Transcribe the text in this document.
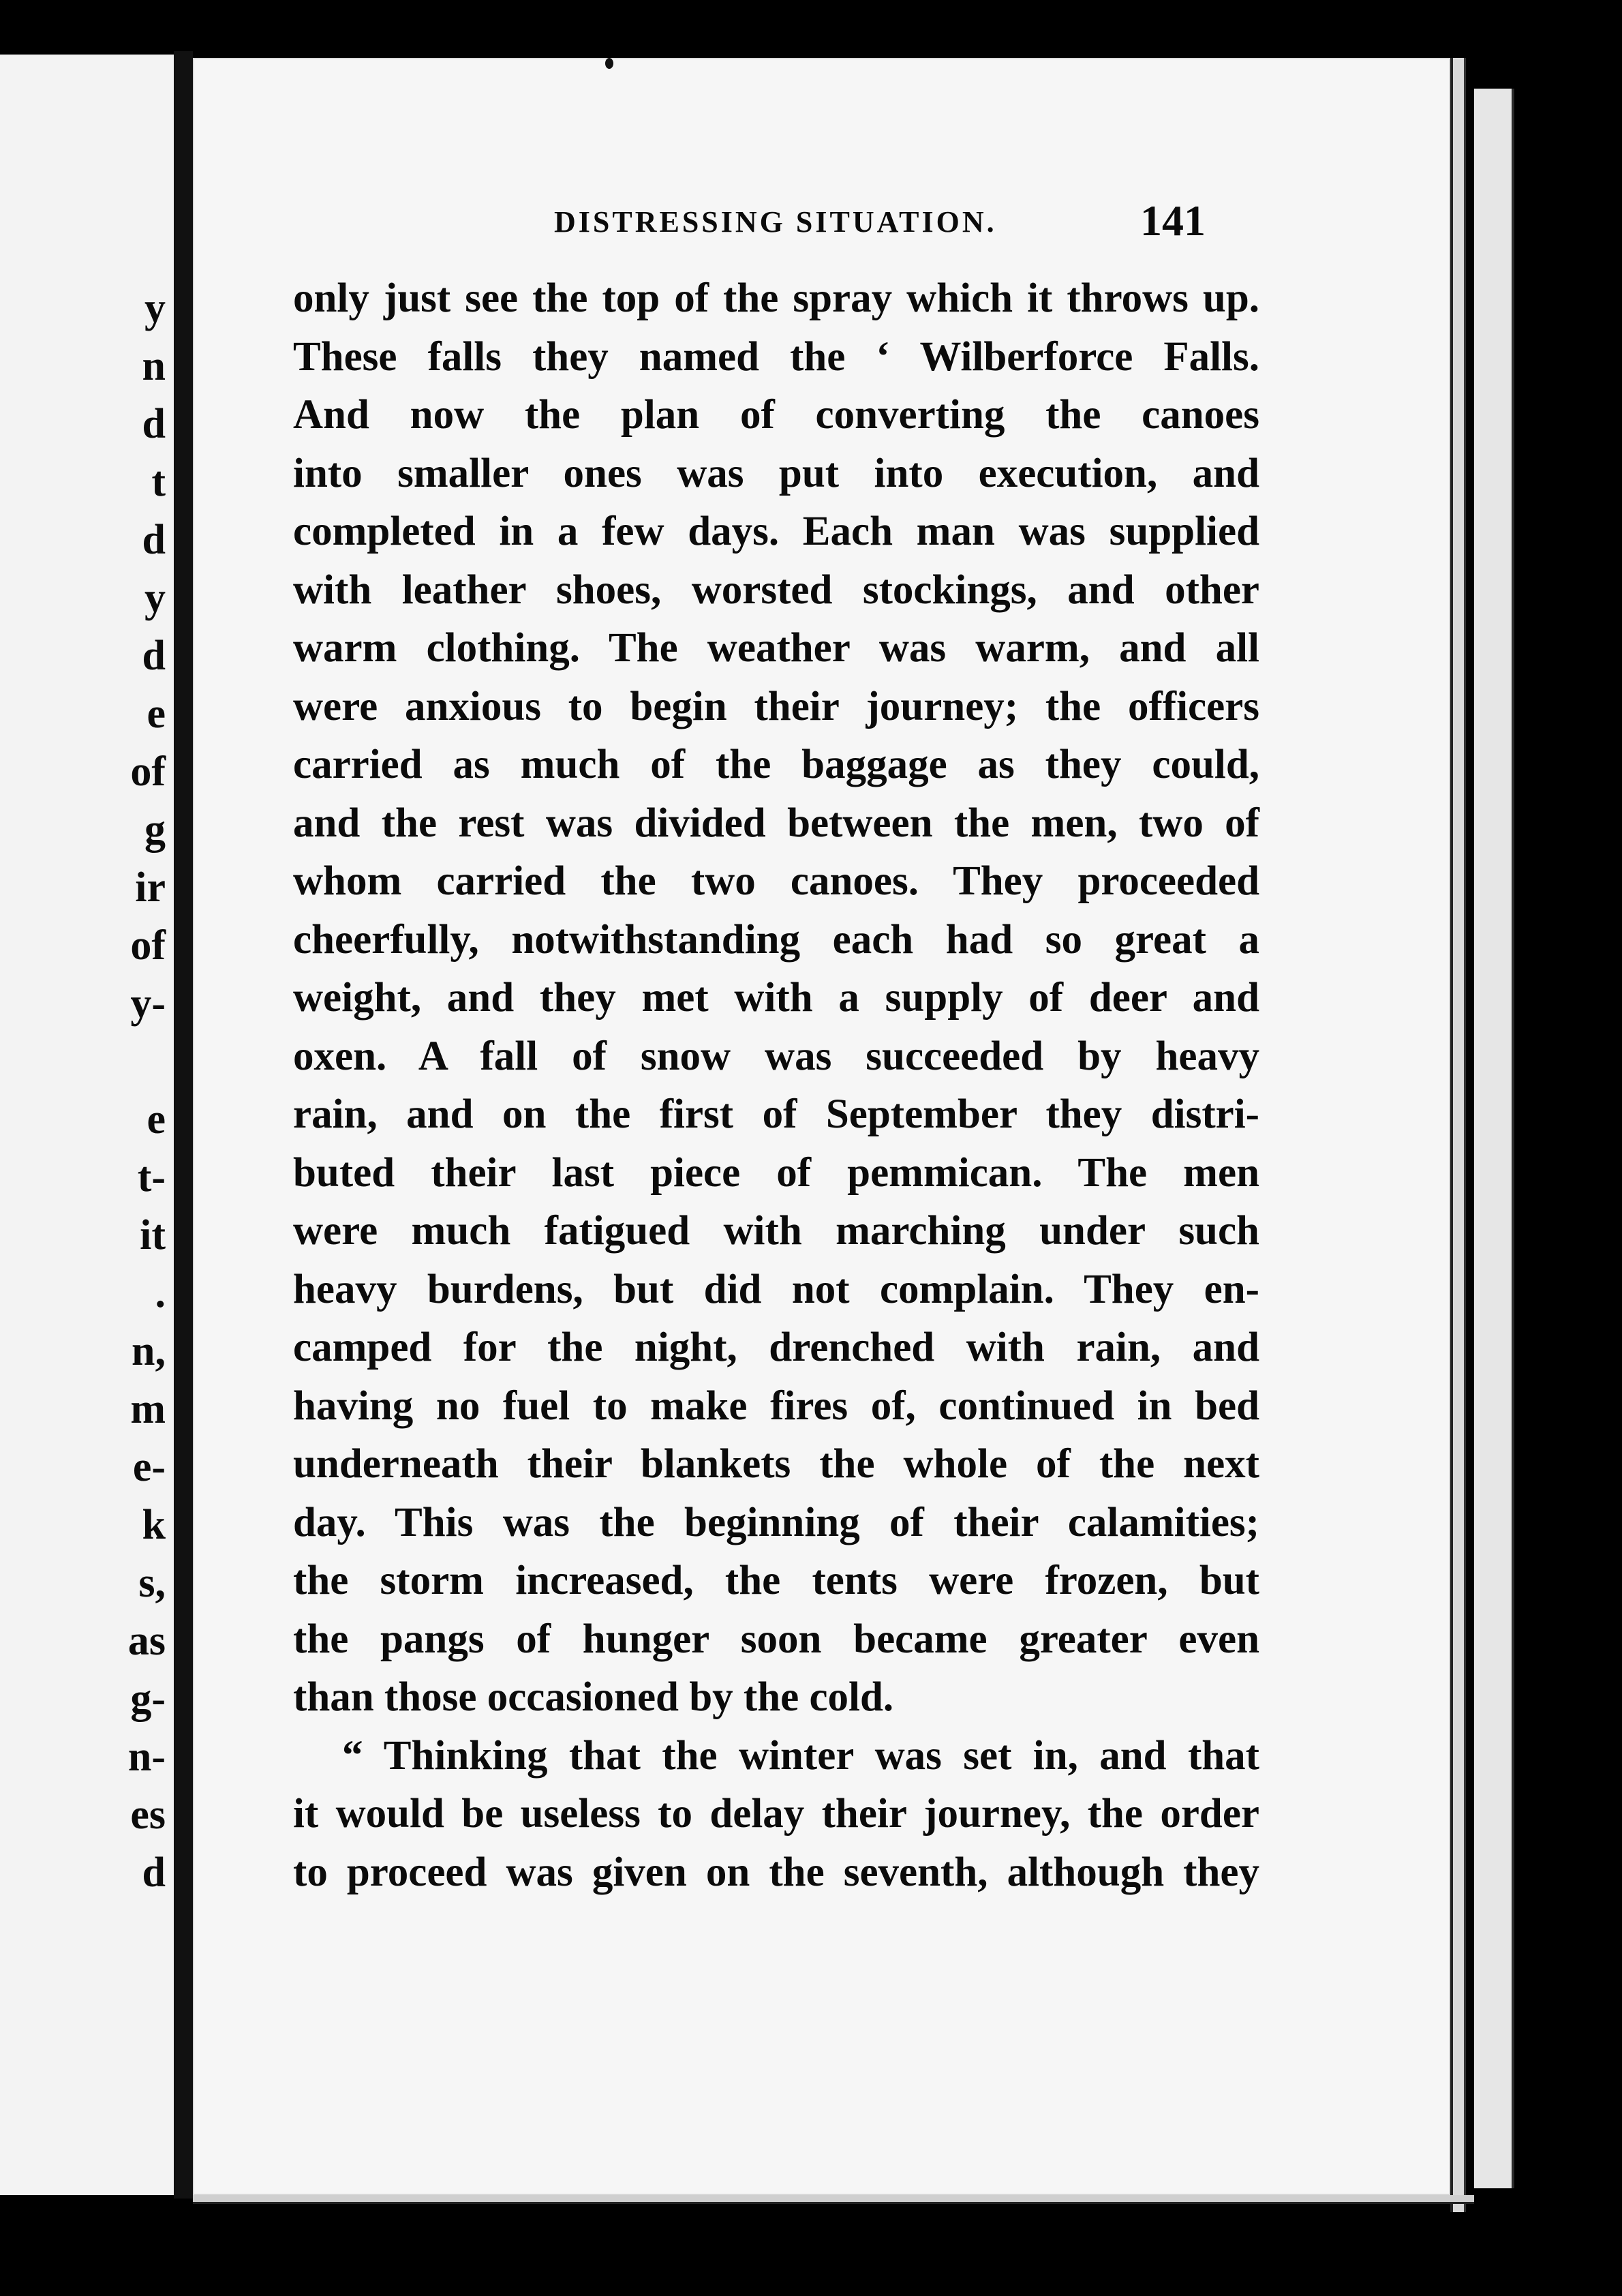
y
n
d
t
d
y
d
e
of
g
ir
of
y-
e
t-
it
.
n,
m
e-
k
s,
as
g-
n-
es
d
DISTRESSING SITUATION.	141
only just see the top of the spray which it throws up.
These falls they named the ‘ Wilberforce Falls.
And now the plan of converting the canoes
into smaller ones was put into execution, and
completed in a few days. Each man was supplied
with leather shoes, worsted stockings, and other
warm clothing. The weather was warm, and all
were anxious to begin their journey; the officers
carried as much of the baggage as they could,
and the rest was divided between the men, two of
whom carried the two canoes. They proceeded
cheerfully, notwithstanding each had so great a
weight, and they met with a supply of deer and
oxen. A fall of snow was succeeded by heavy
rain, and on the first of September they distri-
buted their last piece of pemmican. The men
were much fatigued with marching under such
heavy burdens, but did not complain. They en-
camped for the night, drenched with rain, and
having no fuel to make fires of, continued in bed
underneath their blankets the whole of the next
day. This was the beginning of their calamities;
the storm increased, the tents were frozen, but
the pangs of hunger soon became greater even
than those occasioned by the cold.
“ Thinking that the winter was set in, and that
it would be useless to delay their journey, the order
to proceed was given on the seventh, although they
